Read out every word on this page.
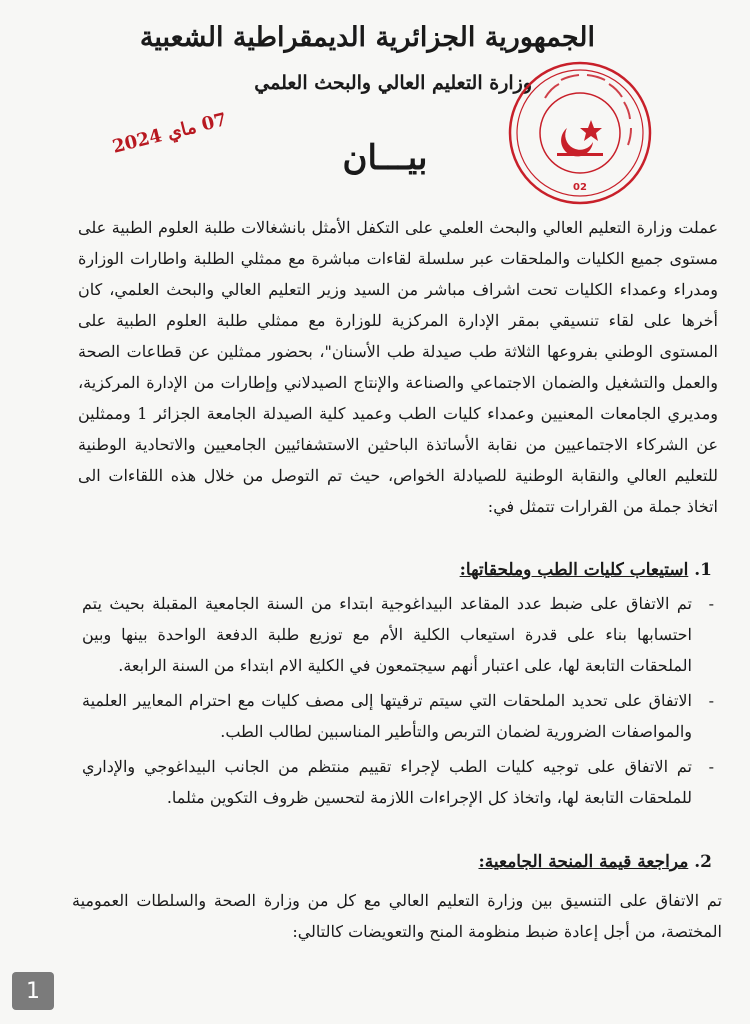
الجمهورية الجزائرية الديمقراطية الشعبية
وزارة التعليم العالي والبحث العلمي
02
07 ماي 2024
بيـــان
عملت وزارة التعليم العالي والبحث العلمي على التكفل الأمثل بانشغالات طلبة العلوم الطبية على مستوى جميع الكليات والملحقات عبر سلسلة لقاءات مباشرة مع ممثلي الطلبة واطارات الوزارة ومدراء وعمداء الكليات تحت اشراف مباشر من السيد وزير التعليم العالي والبحث العلمي، كان أخرها على لقاء تنسيقي بمقر الإدارة المركزية للوزارة مع ممثلي طلبة العلوم الطبية على المستوى الوطني بفروعها الثلاثة طب صيدلة طب الأسنان"، بحضور ممثلين عن قطاعات الصحة والعمل والتشغيل والضمان الاجتماعي والصناعة والإنتاج الصيدلاني وإطارات من الإدارة المركزية، ومديري الجامعات المعنيين وعمداء كليات الطب وعميد كلية الصيدلة الجامعة الجزائر 1 وممثلين عن الشركاء الاجتماعيين من نقابة الأساتذة الباحثين الاستشفائيين الجامعيين والاتحادية الوطنية للتعليم العالي والنقابة الوطنية للصيادلة الخواص، حيث تم التوصل من خلال هذه اللقاءات الى اتخاذ جملة من القرارات تتمثل في:
1. استيعاب كليات الطب وملحقاتها:
-
تم الاتفاق على ضبط عدد المقاعد البيداغوجية ابتداء من السنة الجامعية المقبلة بحيث يتم احتسابها بناء على قدرة استيعاب الكلية الأم مع توزيع طلبة الدفعة الواحدة بينها وبين الملحقات التابعة لها، على اعتبار أنهم سيجتمعون في الكلية الام ابتداء من السنة الرابعة.
-
الاتفاق على تحديد الملحقات التي سيتم ترقيتها إلى مصف كليات مع احترام المعايير العلمية والمواصفات الضرورية لضمان التربص والتأطير المناسبين لطالب الطب.
-
تم الاتفاق على توجيه كليات الطب لإجراء تقييم منتظم من الجانب البيداغوجي والإداري للملحقات التابعة لها، واتخاذ كل الإجراءات اللازمة لتحسين ظروف التكوين مثلما.
2. مراجعة قيمة المنحة الجامعية:
تم الاتفاق على التنسيق بين وزارة التعليم العالي مع كل من وزارة الصحة والسلطات العمومية المختصة، من أجل إعادة ضبط منظومة المنح والتعويضات كالتالي:
1
